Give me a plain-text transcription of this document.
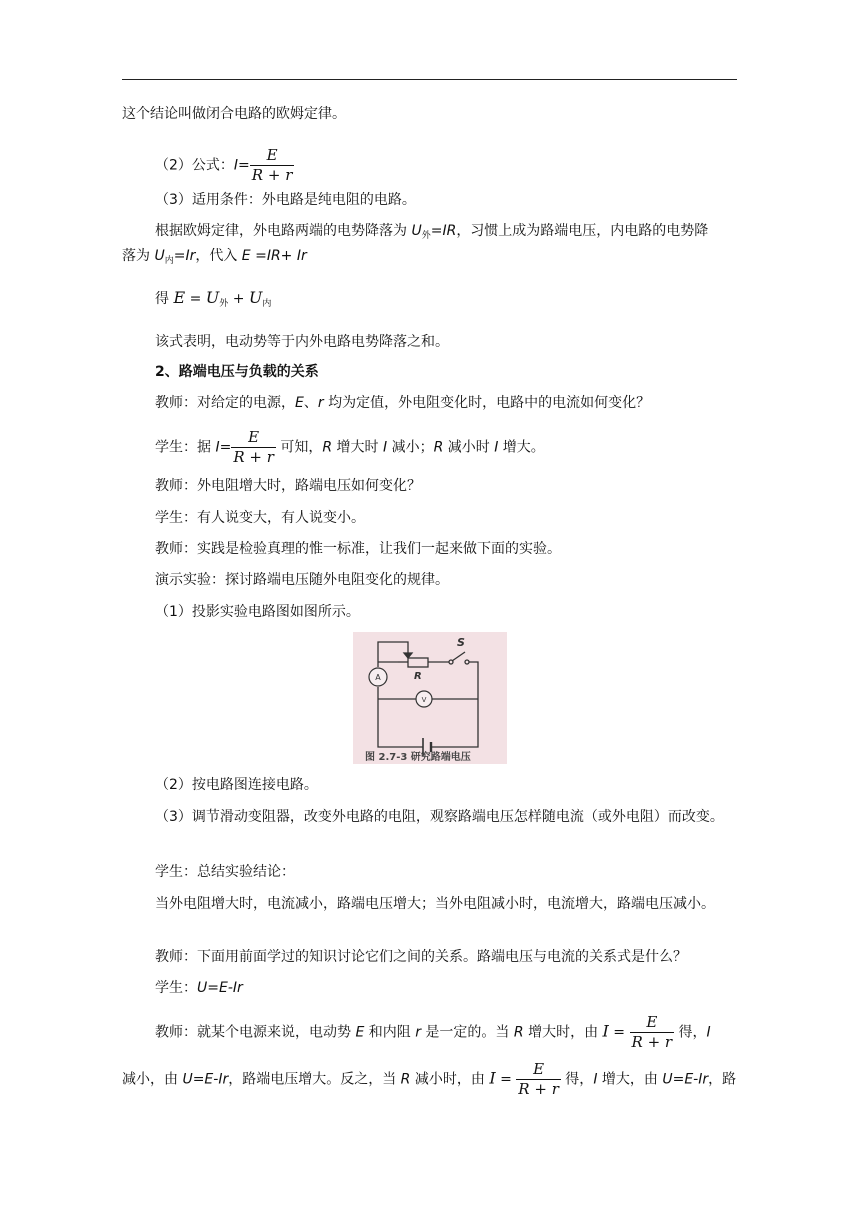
这个结论叫做闭合电路的欧姆定律。
（2）公式：$I= \frac{E}{R + r}$
（3）适用条件：外电路是纯电阻的电路。
根据欧姆定律，外电路两端的电势降落为 $U_外=IR$，习惯上成为路端电压，内电路的电势降
落为 $U_内=Ir$，代入 E =IR+ Ir
得 $E = U_外 + U_内$
该式表明，电动势等于内外电路电势降落之和。
2、路端电压与负载的关系
教师：对给定的电源，E、r 均为定值，外电阻变化时，电路中的电流如何变化？
学生：据 $I= \frac{E}{R + r}$ 可知，R 增大时 I 减小；R 减小时 I 增大。
教师：外电阻增大时，路端电压如何变化？
学生：有人说变大，有人说变小。
教师：实践是检验真理的惟一标准，让我们一起来做下面的实验。
演示实验：探讨路端电压随外电阻变化的规律。
（1）投影实验电路图如图所示。
A
V
S
R
图 2.7-3 研究路端电压
（2）按电路图连接电路。
（3）调节滑动变阻器，改变外电路的电阻，观察路端电压怎样随电流（或外电阻）而改变。
学生：总结实验结论：
当外电阻增大时，电流减小，路端电压增大；当外电阻减小时，电流增大，路端电压减小。
教师：下面用前面学过的知识讨论它们之间的关系。路端电压与电流的关系式是什么？
学生：U=E-Ir
教师：就某个电源来说，电动势 E 和内阻 r 是一定的。当 R 增大时，由 $I = \frac{E}{R + r}$ 得，I
减小，由 U=E-Ir，路端电压增大。反之，当 R 减小时，由 $I = \frac{E}{R + r}$ 得，I 增大，由 U=E-Ir，路
